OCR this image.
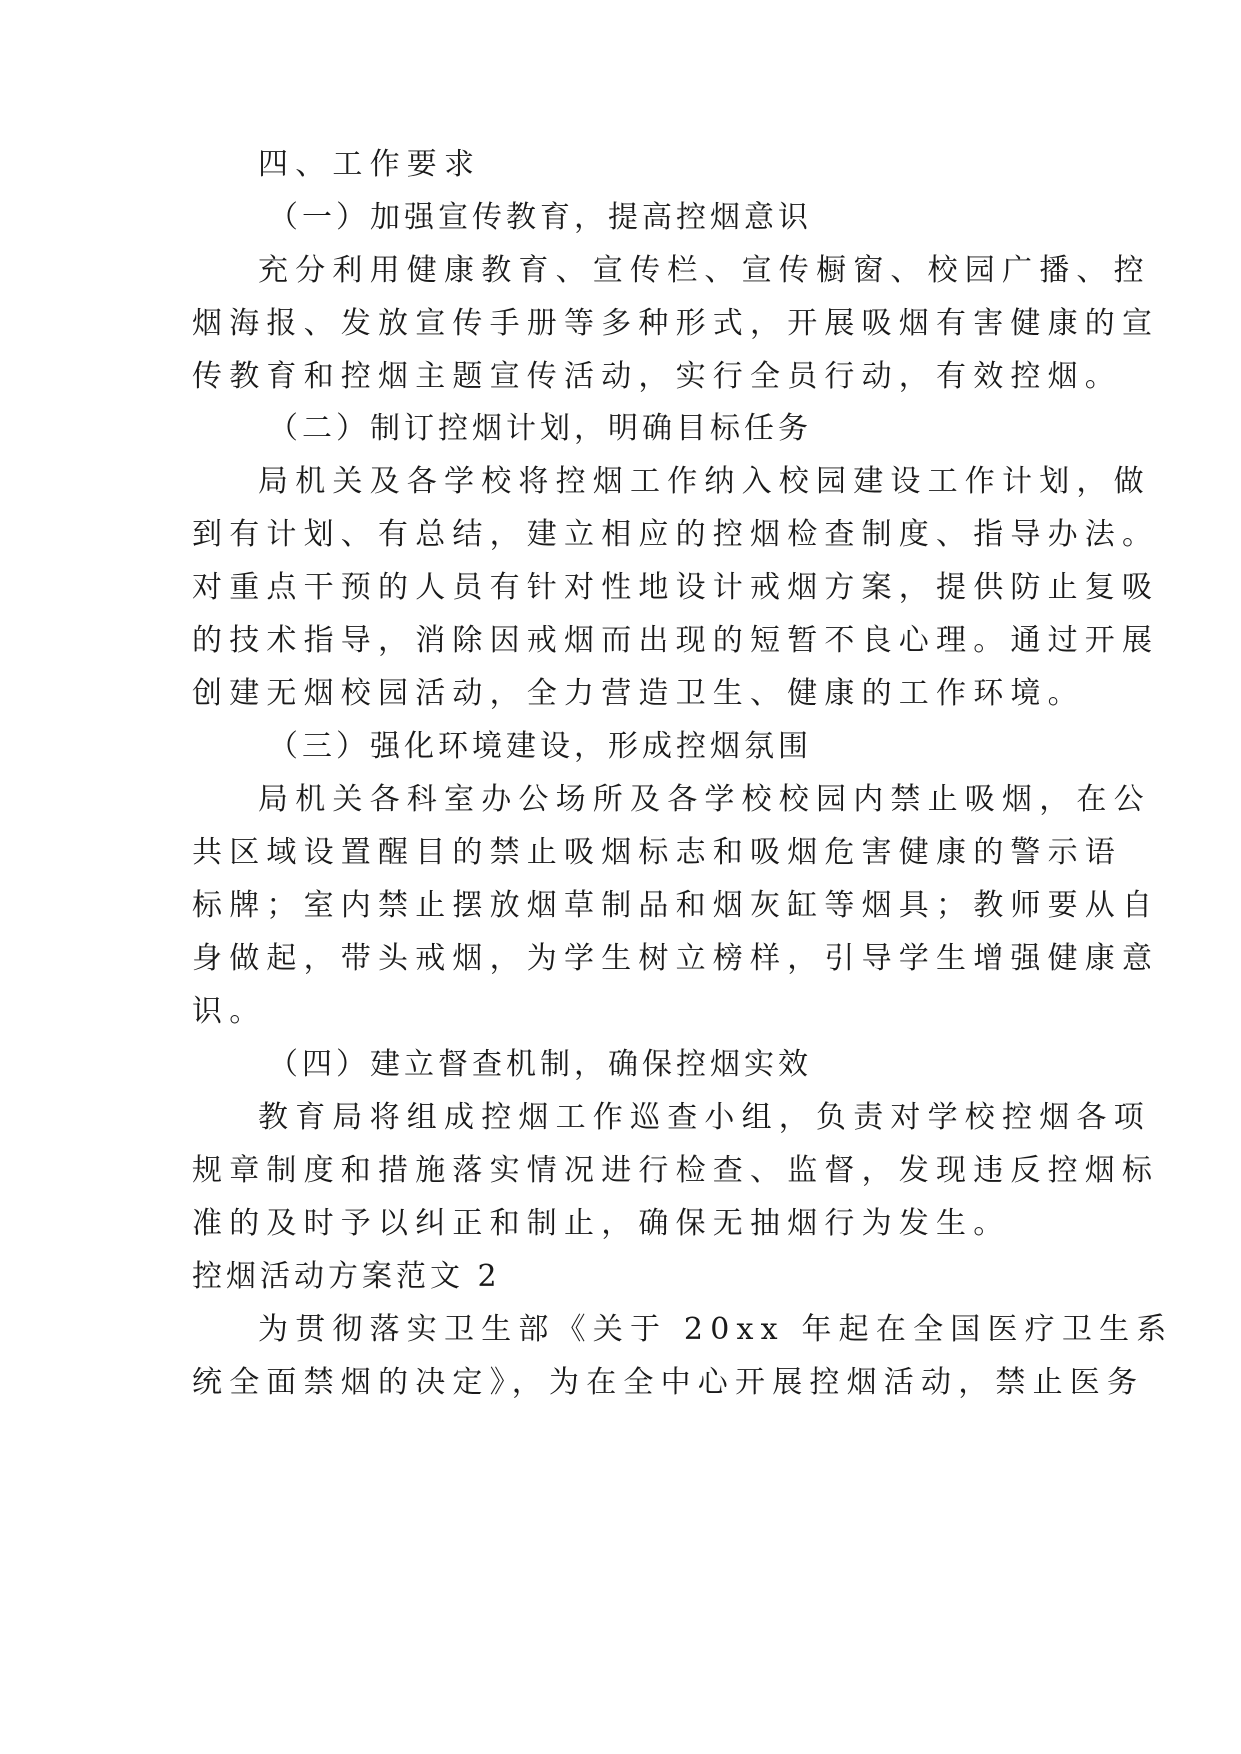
四、工作要求
（一）加强宣传教育，提高控烟意识
充分利用健康教育、宣传栏、宣传橱窗、校园广播、控
烟海报、发放宣传手册等多种形式，开展吸烟有害健康的宣
传教育和控烟主题宣传活动，实行全员行动，有效控烟。
（二）制订控烟计划，明确目标任务
局机关及各学校将控烟工作纳入校园建设工作计划，做
到有计划、有总结，建立相应的控烟检查制度、指导办法。
对重点干预的人员有针对性地设计戒烟方案，提供防止复吸
的技术指导，消除因戒烟而出现的短暂不良心理。通过开展
创建无烟校园活动，全力营造卫生、健康的工作环境。
（三）强化环境建设，形成控烟氛围
局机关各科室办公场所及各学校校园内禁止吸烟，在公
共区域设置醒目的禁止吸烟标志和吸烟危害健康的警示语
标牌；室内禁止摆放烟草制品和烟灰缸等烟具；教师要从自
身做起，带头戒烟，为学生树立榜样，引导学生增强健康意
识。
（四）建立督查机制，确保控烟实效
教育局将组成控烟工作巡查小组，负责对学校控烟各项
规章制度和措施落实情况进行检查、监督，发现违反控烟标
准的及时予以纠正和制止，确保无抽烟行为发生。
控烟活动方案范文 2
为贯彻落实卫生部《关于 20xx 年起在全国医疗卫生系
统全面禁烟的决定》，为在全中心开展控烟活动，禁止医务
